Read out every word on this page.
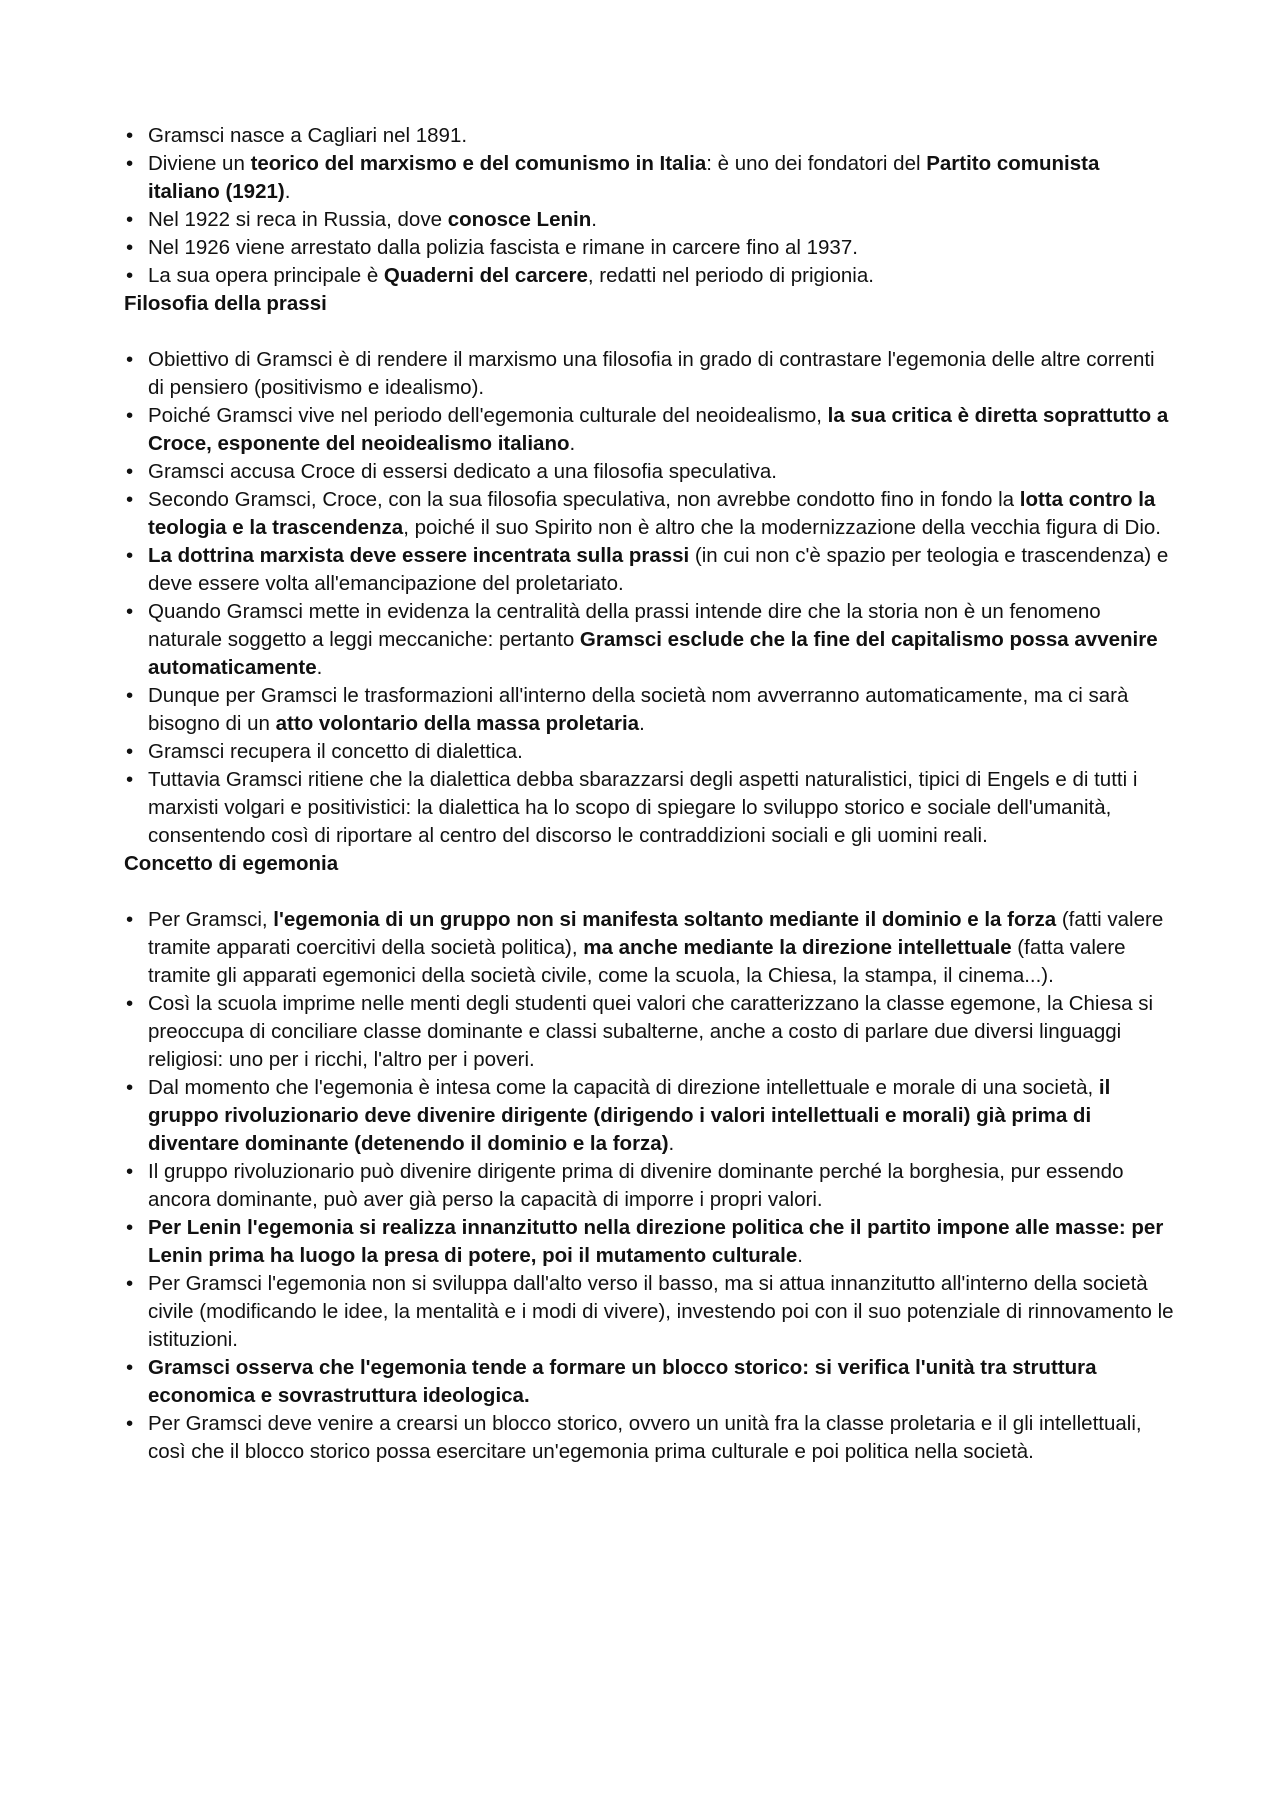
• Gramsci nasce a Cagliari nel 1891.
• Diviene un teorico del marxismo e del comunismo in Italia: è uno dei fondatori del Partito comunista italiano (1921).
• Nel 1922 si reca in Russia, dove conosce Lenin.
• Nel 1926 viene arrestato dalla polizia fascista e rimane in carcere fino al 1937.
• La sua opera principale è Quaderni del carcere, redatti nel periodo di prigionia.

Filosofia della prassi

• Obiettivo di Gramsci è di rendere il marxismo una filosofia in grado di contrastare l'egemonia delle altre correnti di pensiero (positivismo e idealismo).
• Poiché Gramsci vive nel periodo dell'egemonia culturale del neoidealismo, la sua critica è diretta soprattutto a Croce, esponente del neoidealismo italiano.
• Gramsci accusa Croce di essersi dedicato a una filosofia speculativa.
• Secondo Gramsci, Croce, con la sua filosofia speculativa, non avrebbe condotto fino in fondo la lotta contro la teologia e la trascendenza, poiché il suo Spirito non è altro che la modernizzazione della vecchia figura di Dio.
• La dottrina marxista deve essere incentrata sulla prassi (in cui non c'è spazio per teologia e trascendenza) e deve essere volta all'emancipazione del proletariato.
• Quando Gramsci mette in evidenza la centralità della prassi intende dire che la storia non è un fenomeno naturale soggetto a leggi meccaniche: pertanto Gramsci esclude che la fine del capitalismo possa avvenire automaticamente.
• Dunque per Gramsci le trasformazioni all'interno della società nom avverranno automaticamente, ma ci sarà bisogno di un atto volontario della massa proletaria.
• Gramsci recupera il concetto di dialettica.
• Tuttavia Gramsci ritiene che la dialettica debba sbarazzarsi degli aspetti naturalistici, tipici di Engels e di tutti i marxisti volgari e positivistici: la dialettica ha lo scopo di spiegare lo sviluppo storico e sociale dell'umanità, consentendo così di riportare al centro del discorso le contraddizioni sociali e gli uomini reali.

Concetto di egemonia

• Per Gramsci, l'egemonia di un gruppo non si manifesta soltanto mediante il dominio e la forza (fatti valere tramite apparati coercitivi della società politica), ma anche mediante la direzione intellettuale (fatta valere tramite gli apparati egemonici della società civile, come la scuola, la Chiesa, la stampa, il cinema...).
• Così la scuola imprime nelle menti degli studenti quei valori che caratterizzano la classe egemone, la Chiesa si preoccupa di conciliare classe dominante e classi subalterne, anche a costo di parlare due diversi linguaggi religiosi: uno per i ricchi, l'altro per i poveri.
• Dal momento che l'egemonia è intesa come la capacità di direzione intellettuale e morale di una società, il gruppo rivoluzionario deve divenire dirigente (dirigendo i valori intellettuali e morali) già prima di diventare dominante (detenendo il dominio e la forza).
• Il gruppo rivoluzionario può divenire dirigente prima di divenire dominante perché la borghesia, pur essendo ancora dominante, può aver già perso la capacità di imporre i propri valori.
• Per Lenin l'egemonia si realizza innanzitutto nella direzione politica che il partito impone alle masse: per Lenin prima ha luogo la presa di potere, poi il mutamento culturale.
• Per Gramsci l'egemonia non si sviluppa dall'alto verso il basso, ma si attua innanzitutto all'interno della società civile (modificando le idee, la mentalità e i modi di vivere), investendo poi con il suo potenziale di rinnovamento le istituzioni.
• Gramsci osserva che l'egemonia tende a formare un blocco storico: si verifica l'unità tra struttura economica e sovrastruttura ideologica.
• Per Gramsci deve venire a crearsi un blocco storico, ovvero un unità fra la classe proletaria e il gli intellettuali, così che il blocco storico possa esercitare un'egemonia prima culturale e poi politica nella società.
